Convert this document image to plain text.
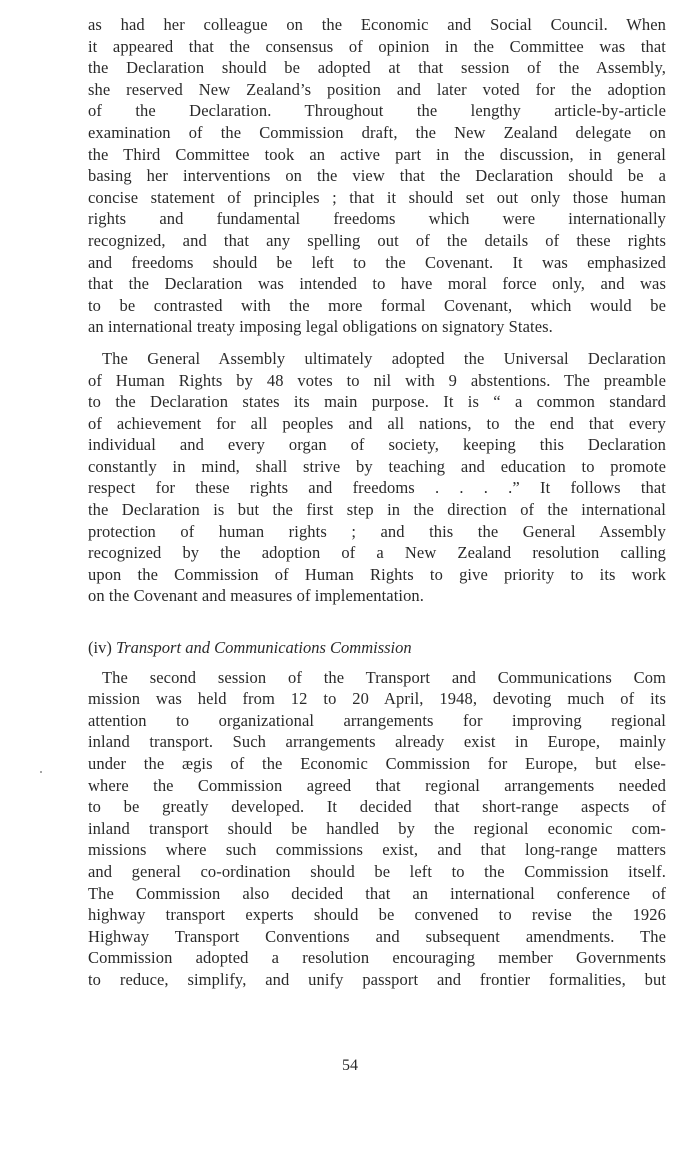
as had her colleague on the Economic and Social Council. When
it appeared that the consensus of opinion in the Committee was that
the Declaration should be adopted at that session of the Assembly,
she reserved New Zealand’s position and later voted for the adoption
of the Declaration. Throughout the lengthy article-by-article
examination of the Commission draft, the New Zealand delegate on
the Third Committee took an active part in the discussion, in general
basing her interventions on the view that the Declaration should be a
concise statement of principles ; that it should set out only those human
rights and fundamental freedoms which were internationally
recognized, and that any spelling out of the details of these rights
and freedoms should be left to the Covenant. It was emphasized
that the Declaration was intended to have moral force only, and was
to be contrasted with the more formal Covenant, which would be
an international treaty imposing legal obligations on signatory States.
The General Assembly ultimately adopted the Universal Declaration
of Human Rights by 48 votes to nil with 9 abstentions. The preamble
to the Declaration states its main purpose. It is “ a common standard
of achievement for all peoples and all nations, to the end that every
individual and every organ of society, keeping this Declaration
constantly in mind, shall strive by teaching and education to promote
respect for these rights and freedoms . . . .” It follows that
the Declaration is but the first step in the direction of the international
protection of human rights ; and this the General Assembly
recognized by the adoption of a New Zealand resolution calling
upon the Commission of Human Rights to give priority to its work
on the Covenant and measures of implementation.
(iv) Transport and Communications Commission
The second session of the Transport and Communications Com
mission was held from 12 to 20 April, 1948, devoting much of its
attention to organizational arrangements for improving regional
inland transport. Such arrangements already exist in Europe, mainly
under the ægis of the Economic Commission for Europe, but else-
where the Commission agreed that regional arrangements needed
to be greatly developed. It decided that short-range aspects of
inland transport should be handled by the regional economic com-
missions where such commissions exist, and that long-range matters
and general co-ordination should be left to the Commission itself.
The Commission also decided that an international conference of
highway transport experts should be convened to revise the 1926
Highway Transport Conventions and subsequent amendments. The
Commission adopted a resolution encouraging member Governments
to reduce, simplify, and unify passport and frontier formalities, but
54
